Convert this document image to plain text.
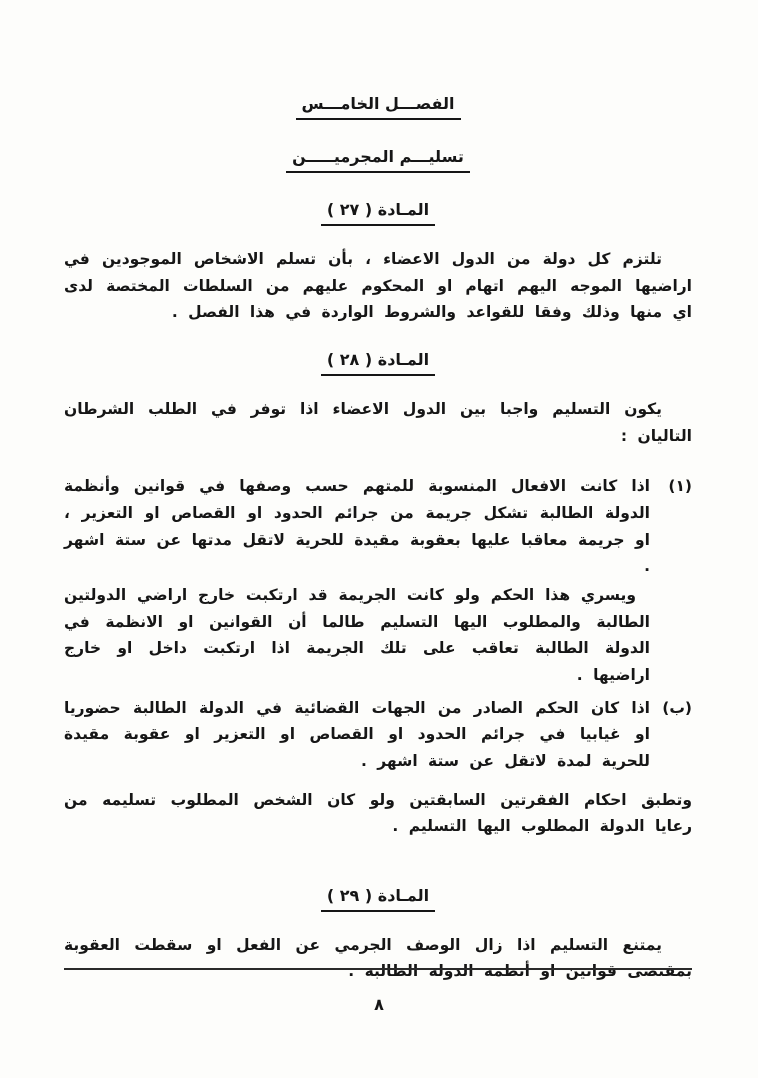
الفصـــل الخامـــس
تسليـــم المجرميـــــن
المـادة ( ٢٧ )

تلتزم كل دولة من الدول الاعضاء ، بأن تسلم الاشخاص الموجودين في اراضيها الموجه اليهم اتهام او المحكوم عليهم من السلطات المختصة لدى اي منها وذلك وفقا للقواعد والشروط الواردة في هذا الفصل .

المـادة ( ٢٨ )

يكون التسليم واجبا بين الدول الاعضاء اذا توفر في الطلب الشرطان التاليان :

(١)

اذا كانت الافعال المنسوبة للمتهم حسب وصفها في قوانين وأنظمة الدولة الطالبة تشكل جريمة من جرائم الحدود او القصاص او التعزير ، او جريمة معاقبا عليها بعقوبة مقيدة للحرية لاتقل مدتها عن ستة اشهر .

ويسري هذا الحكم ولو كانت الجريمة قد ارتكبت خارج اراضي الدولتين الطالبة والمطلوب اليها التسليم طالما أن القوانين او الانظمة في الدولة الطالبة تعاقب على تلك الجريمة اذا ارتكبت داخل او خارج اراضيها .

(ب)

اذا كان الحكم الصادر من الجهات القضائية في الدولة الطالبة حضوريا او غيابيا في جرائم الحدود او القصاص او التعزير او عقوبة مقيدة للحرية لمدة لاتقل عن ستة اشهر .

وتطبق احكام الفقرتين السابقتين ولو كان الشخص المطلوب تسليمه من رعايا الدولة المطلوب اليها التسليم .

المـادة ( ٢٩ )

يمتنع التسليم اذا زال الوصف الجرمي عن الفعل او سقطت العقوبة بمقتضى قوانين او أنظمة الدولة الطالبة .

٨
